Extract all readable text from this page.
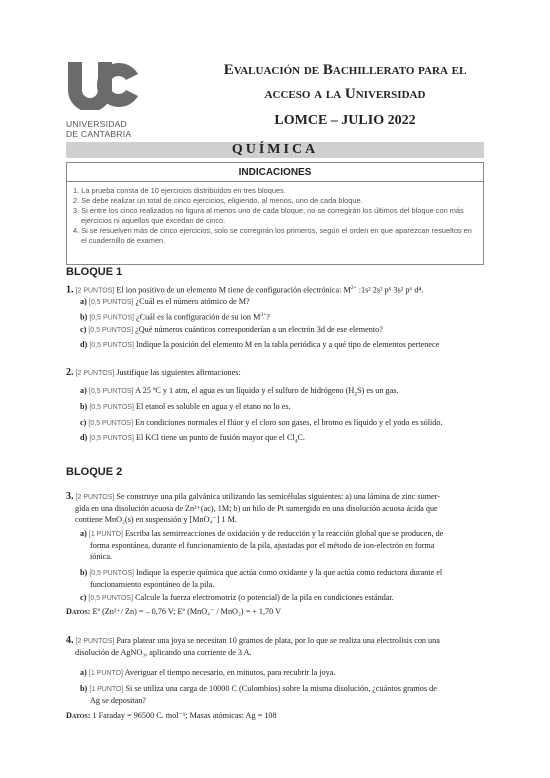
UNIVERSIDAD
DE CANTABRIA
Evaluación de Bachillerato para el
acceso a la Universidad
LOMCE – JULIO 2022
QUÍMICA
INDICACIONES
1. La prueba consta de 10 ejercicios distribuidos en tres bloques.
2. Se debe realizar un total de cinco ejercicios, eligiendo, al menos, uno de cada bloque.
3. Si entre los cinco realizados no figura al menos uno de cada bloque, no se corregirán los últimos del bloque con más ejercicios ni aquellos que excedan de cinco.
4. Si se resuelven más de cinco ejercicios, solo se corregirán los primeros, según el orden en que aparezcan resueltos en el cuadernillo de examen.
BLOQUE 1
1. [2 PUNTOS] El ion positivo de un elemento M tiene de configuración electrónica: $M^{2+}$ :1s² 2s² p⁶ 3s² p⁶ d⁴.
a) [0,5 PUNTOS] ¿Cuál es el número atómico de M?
b) [0,5 PUNTOS] ¿Cuál es la configuración de su ion $M^{3+}$?
c) [0,5 PUNTOS] ¿Qué números cuánticos corresponderían a un electrón 3d de ese elemento?
d) [0,5 PUNTOS] Indique la posición del elemento M en la tabla periódica y a qué tipo de elementos pertenece
2. [2 PUNTOS] Justifique las siguientes afirmaciones:
a) [0,5 PUNTOS] A 25 ºC y 1 atm, el agua es un líquido y el sulfuro de hidrógeno $(H_2S)$ es un gas.
b) [0,5 PUNTOS] El etanol es soluble en agua y el etano no lo es.
c) [0,5 PUNTOS] En condiciones normales el flúor y el cloro son gases, el bromo es líquido y el yodo es sólido.
d) [0,5 PUNTOS] El KCl tiene un punto de fusión mayor que el $Cl_4C$.
BLOQUE 2
3. [2 PUNTOS] Se construye una pila galvánica utilizando las semicélulas siguientes: a) una lámina de zinc sumer-
gida en una disolución acuosa de Zn²⁺(ac), 1M; b) un hilo de Pt sumergido en una disolución acuosa ácida que
contiene MnO₂(s) en suspensión y [MnO₄⁻] 1 M.
a) [1 PUNTO] Escriba las semirreacciones de oxidación y de reducción y la reacción global que se producen, de
forma espontánea, durante el funcionamiento de la pila, ajustadas por el método de ion-electrón en forma
iónica.
b) [0,5 PUNTOS] Indique la especie química que actúa como oxidante y la que actúa como reductora durante el
funcionamiento espontáneo de la pila.
c) [0,5 PUNTOS] Calcule la fuerza electromotriz (o potencial) de la pila en condiciones estándar.
Datos: Eº (Zn²⁺/ Zn) = – 0,76 V; Eº (MnO₄⁻ / MnO₂) = + 1,70 V
4. [2 PUNTOS] Para platear una joya se necesitan 10 gramos de plata, por lo que se realiza una electrolisis con una
disolución de AgNO₃, aplicando una corriente de 3 A.
a) [1 PUNTO] Averiguar el tiempo necesario, en minutos, para recubrir la joya.
b) [1 PUNTO] Si se utiliza una carga de 10000 C (Culombios) sobre la misma disolución, ¿cuántos gramos de
Ag se depositan?
Datos: 1 Faraday = 96500 C. mol⁻¹; Masas atómicas: Ag = 108
